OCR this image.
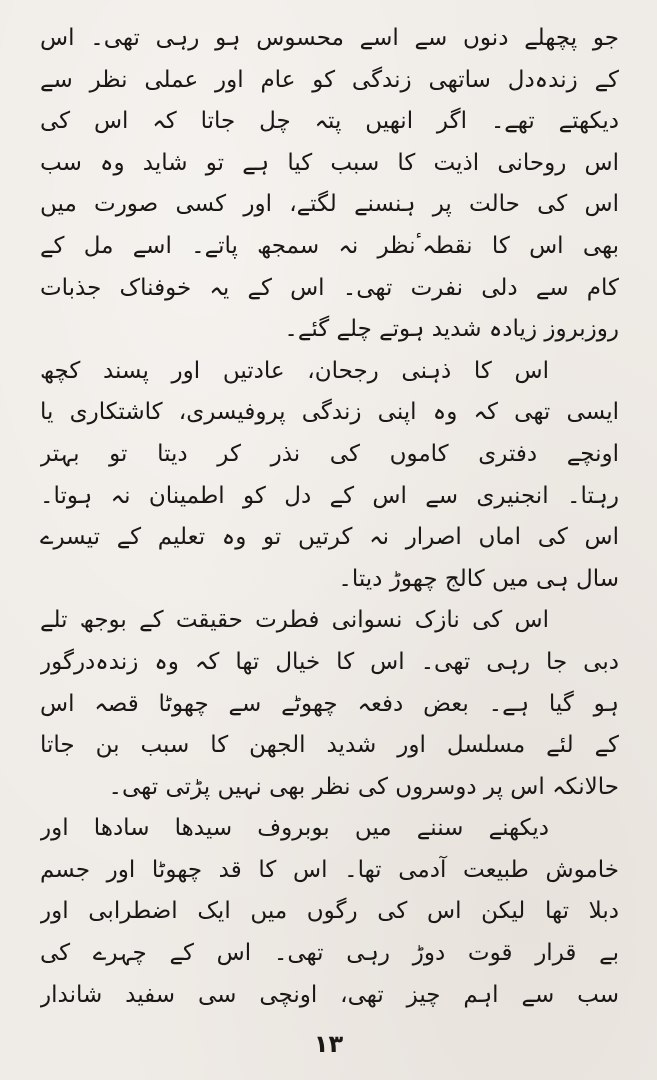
جو پچھلے دنوں سے اسے محسوس ہو رہی تھی۔ اس
کے زندہ‌دل ساتھی زندگی کو عام اور عملی نظر سے
دیکھتے تھے۔ اگر انھیں پتہ چل جاتا کہ اس کی
اس روحانی اذیت کا سبب کیا ہے تو شاید وہ سب
اس کی حالت پر ہنسنے لگتے، اور کسی صورت میں
بھی اس کا نقطہٴ‌نظر نہ سمجھ پاتے۔ اسے مل کے
کام سے دلی نفرت تھی۔ اس کے یہ خوفناک جذبات
روزبروز زیادہ شدید ہوتے چلے گئے۔
اس کا ذہنی رجحان، عادتیں اور پسند کچھ
ایسی تھی کہ وہ اپنی زندگی پروفیسری، کاشتکاری یا
اونچے دفتری کاموں کی نذر کر دیتا تو بہتر
رہتا۔ انجنیری سے اس کے دل کو اطمینان نہ ہوتا۔
اس کی اماں اصرار نہ کرتیں تو وہ تعلیم کے تیسرے
سال ہی میں کالج چھوڑ دیتا۔
اس کی نازک نسوانی فطرت حقیقت کے بوجھ تلے
دبی جا رہی تھی۔ اس کا خیال تھا کہ وہ زندہ‌درگور
ہو گیا ہے۔ بعض دفعہ چھوٹے سے چھوٹا قصہ اس
کے لئے مسلسل اور شدید الجھن کا سبب بن جاتا
حالانکہ اس پر دوسروں کی نظر بھی نہیں پڑتی تھی۔
دیکھنے سننے میں بوبروف سیدھا سادھا اور
خاموش طبیعت آدمی تھا۔ اس کا قد چھوٹا اور جسم
دبلا تھا لیکن اس کی رگوں میں ایک اضطرابی اور
بے قرار قوت دوڑ رہی تھی۔ اس کے چہرے کی
سب سے اہم چیز تھی، اونچی سی سفید شاندار
۱۳
